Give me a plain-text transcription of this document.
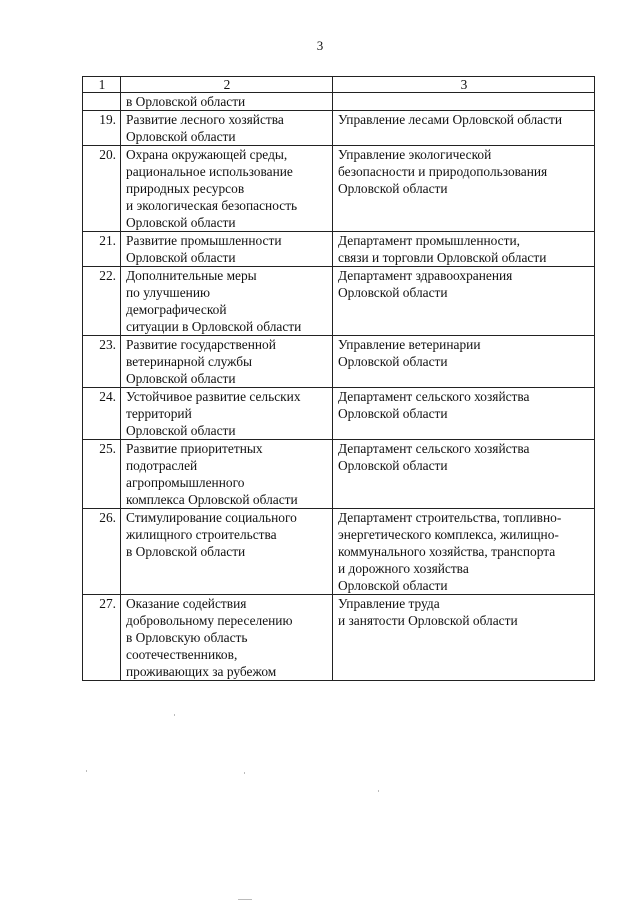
3
1	2	3

	в Орловской области	

19.	Развитие лесного хозяйства
Орловской области	Управление лесами Орловской области

20.	Охрана окружающей среды,
рациональное использование
природных ресурсов
и экологическая безопасность
Орловской области	Управление экологической
безопасности и природопользования
Орловской области

21.	Развитие промышленности
Орловской области	Департамент промышленности,
связи и торговли Орловской области

22.	Дополнительные меры
по улучшению
демографической
ситуации в Орловской области	Департамент здравоохранения
Орловской области

23.	Развитие государственной
ветеринарной службы
Орловской области	Управление ветеринарии
Орловской области

24.	Устойчивое развитие сельских
территорий
Орловской области	Департамент сельского хозяйства
Орловской области

25.	Развитие приоритетных
подотраслей
агропромышленного
комплекса Орловской области	Департамент сельского хозяйства
Орловской области

26.	Стимулирование социального
жилищного строительства
в Орловской области	Департамент строительства, топливно-
энергетического комплекса, жилищно-
коммунального хозяйства, транспорта
и дорожного хозяйства
Орловской области

27.	Оказание содействия
добровольному переселению
в Орловскую область
соотечественников,
проживающих за рубежом	Управление труда
и занятости Орловской области
